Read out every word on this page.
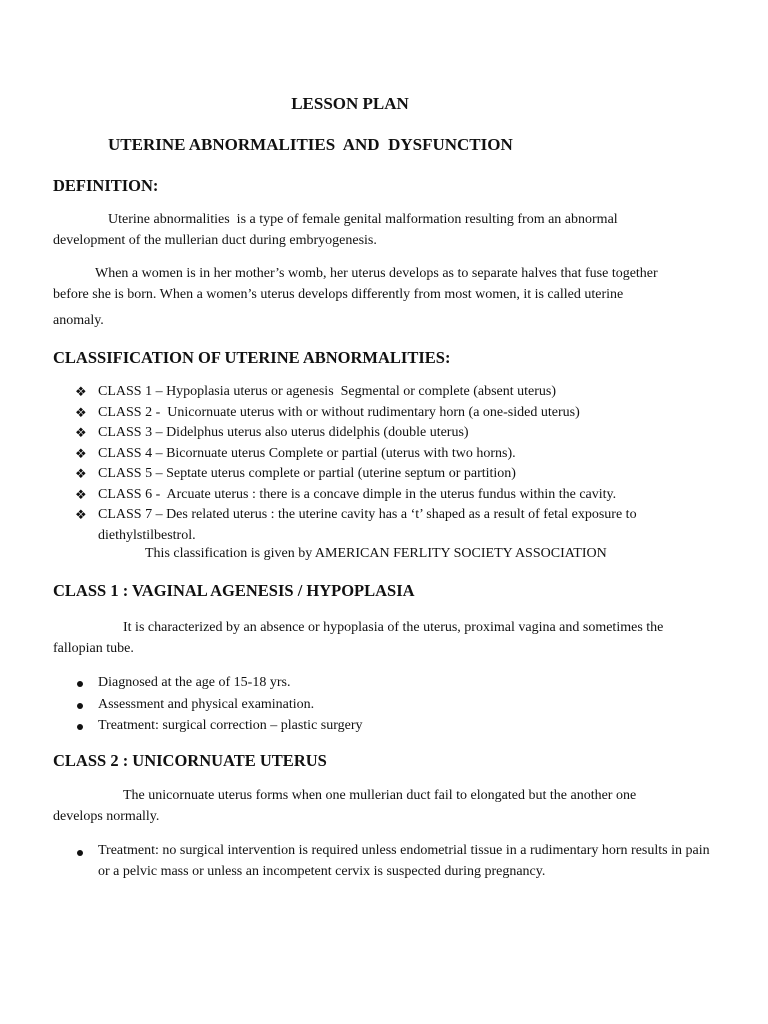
LESSON PLAN
UTERINE ABNORMALITIES  AND  DYSFUNCTION
DEFINITION:

Uterine abnormalities  is a type of female genital malformation resulting from an abnormal
development of the mullerian duct during embryogenesis.

When a women is in her mother’s womb, her uterus develops as to separate halves that fuse together
before she is born. When a women’s uterus develops differently from most women, it is called uterine
anomaly.

CLASSIFICATION OF UTERINE ABNORMALITIES:
❖ CLASS 1 – Hypoplasia uterus or agenesis  Segmental or complete (absent uterus)
❖ CLASS 2 -  Unicornuate uterus with or without rudimentary horn (a one-sided uterus)
❖ CLASS 3 – Didelphus uterus also uterus didelphis (double uterus)
❖ CLASS 4 – Bicornuate uterus Complete or partial (uterus with two horns).
❖ CLASS 5 – Septate uterus complete or partial (uterine septum or partition)
❖ CLASS 6 -  Arcuate uterus : there is a concave dimple in the uterus fundus within the cavity.
❖ CLASS 7 – Des related uterus : the uterine cavity has a ‘t’ shaped as a result of fetal exposure to diethylstilbestrol.

This classification is given by AMERICAN FERLITY SOCIETY ASSOCIATION

CLASS 1 : VAGINAL AGENESIS / HYPOPLASIA

It is characterized by an absence or hypoplasia of the uterus, proximal vagina and sometimes the
fallopian tube.

Diagnosed at the age of 15-18 yrs.
Assessment and physical examination.
Treatment: surgical correction – plastic surgery
CLASS 2 : UNICORNUATE UTERUS

The unicornuate uterus forms when one mullerian duct fail to elongated but the another one
develops normally.

Treatment: no surgical intervention is required unless endometrial tissue in a rudimentary horn results in pain or a pelvic mass or unless an incompetent cervix is suspected during pregnancy.
